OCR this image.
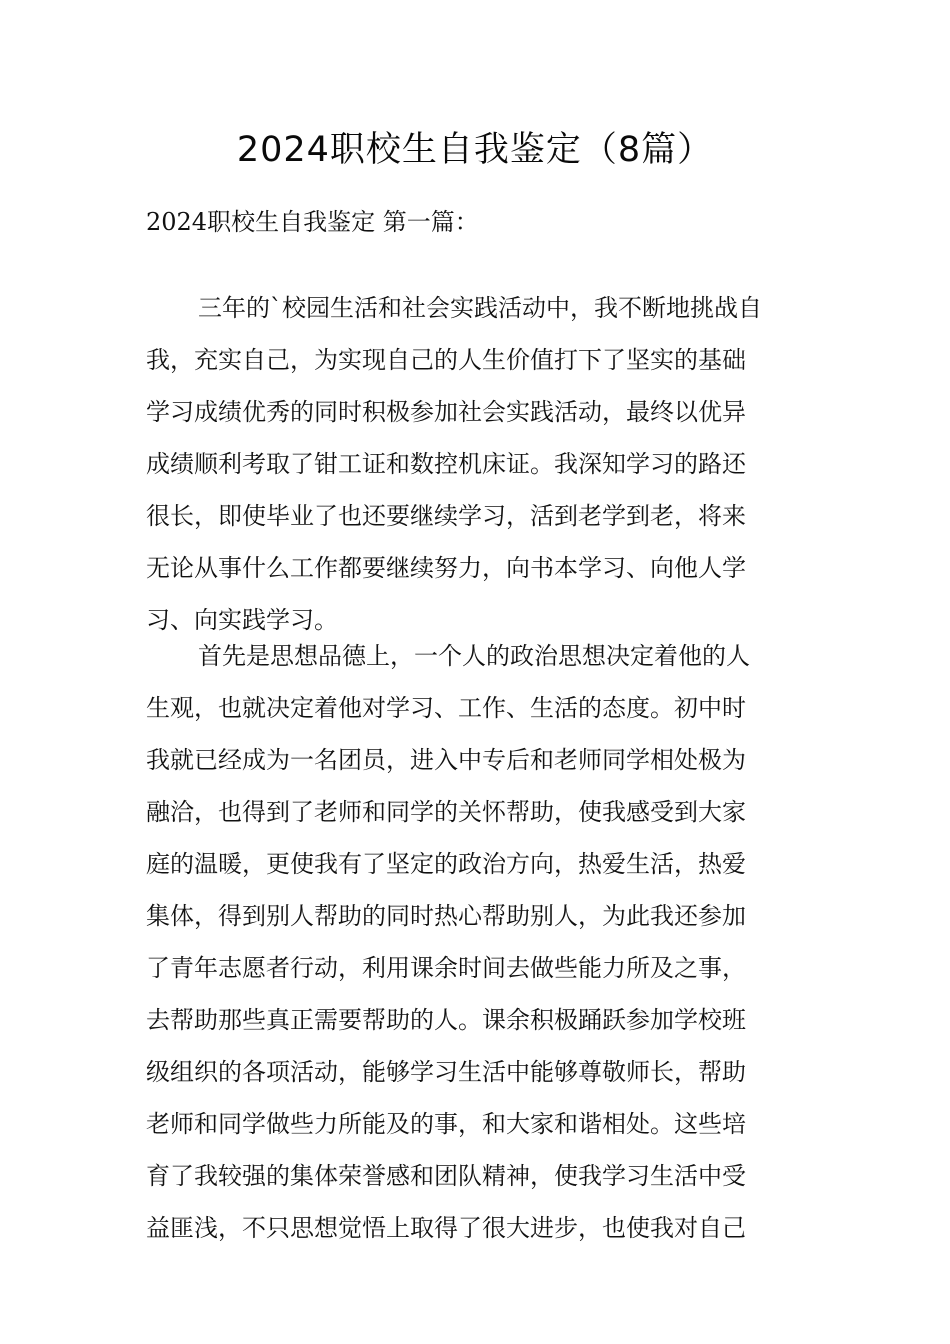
2024职校生自我鉴定（8篇）
2024职校生自我鉴定 第一篇：
三年的`校园生活和社会实践活动中，我不断地挑战自
我，充实自己，为实现自己的人生价值打下了坚实的基础
学习成绩优秀的同时积极参加社会实践活动，最终以优异
成绩顺利考取了钳工证和数控机床证。我深知学习的路还
很长，即使毕业了也还要继续学习，活到老学到老，将来
无论从事什么工作都要继续努力，向书本学习、向他人学
习、向实践学习。
首先是思想品德上，一个人的政治思想决定着他的人
生观，也就决定着他对学习、工作、生活的态度。初中时
我就已经成为一名团员，进入中专后和老师同学相处极为
融洽，也得到了老师和同学的关怀帮助，使我感受到大家
庭的温暖，更使我有了坚定的政治方向，热爱生活，热爱
集体，得到别人帮助的同时热心帮助别人，为此我还参加
了青年志愿者行动，利用课余时间去做些能力所及之事，
去帮助那些真正需要帮助的人。课余积极踊跃参加学校班
级组织的各项活动，能够学习生活中能够尊敬师长，帮助
老师和同学做些力所能及的事，和大家和谐相处。这些培
育了我较强的集体荣誉感和团队精神，使我学习生活中受
益匪浅，不只思想觉悟上取得了很大进步，也使我对自己
